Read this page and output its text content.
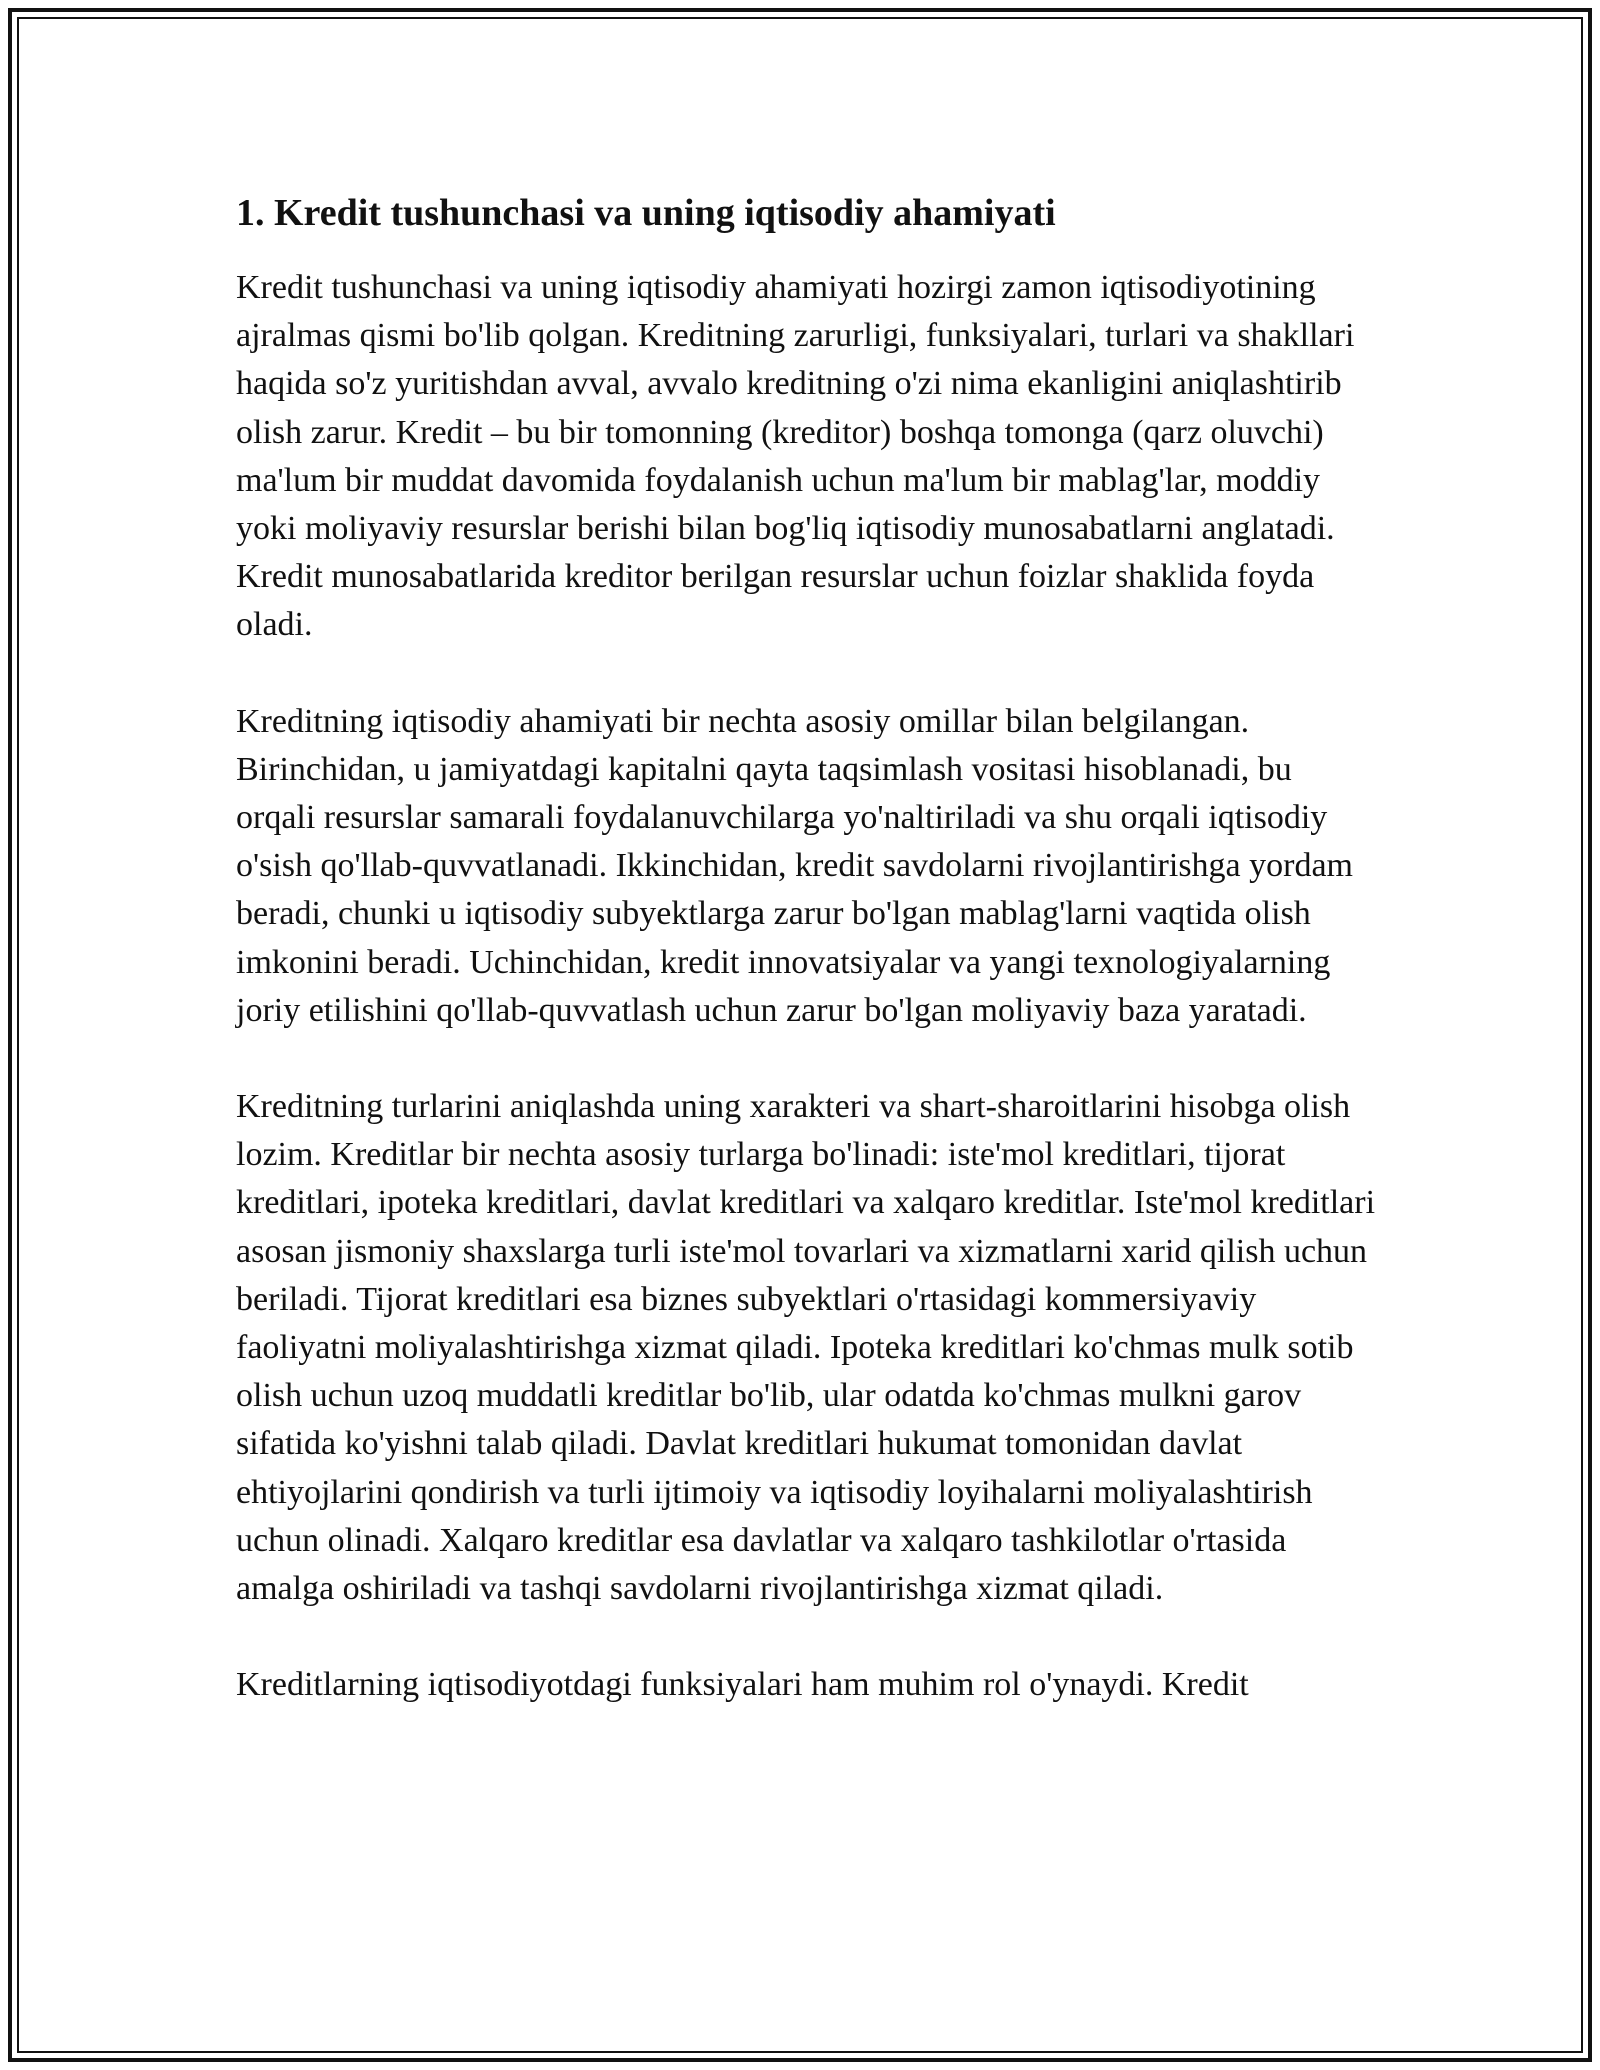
1. Kredit tushunchasi va uning iqtisodiy ahamiyati

Kredit tushunchasi va uning iqtisodiy ahamiyati hozirgi zamon iqtisodiyotining ajralmas qismi bo'lib qolgan. Kreditning zarurligi, funksiyalari, turlari va shakllari haqida so'z yuritishdan avval, avvalo kreditning o'zi nima ekanligini aniqlashtirib olish zarur. Kredit – bu bir tomonning (kreditor) boshqa tomonga (qarz oluvchi) ma'lum bir muddat davomida foydalanish uchun ma'lum bir mablag'lar, moddiy yoki moliyaviy resurslar berishi bilan bog'liq iqtisodiy munosabatlarni anglatadi. Kredit munosabatlarida kreditor berilgan resurslar uchun foizlar shaklida foyda oladi.

Kreditning iqtisodiy ahamiyati bir nechta asosiy omillar bilan belgilangan. Birinchidan, u jamiyatdagi kapitalni qayta taqsimlash vositasi hisoblanadi, bu orqali resurslar samarali foydalanuvchilarga yo'naltiriladi va shu orqali iqtisodiy o'sish qo'llab-quvvatlanadi. Ikkinchidan, kredit savdolarni rivojlantirishga yordam beradi, chunki u iqtisodiy subyektlarga zarur bo'lgan mablag'larni vaqtida olish imkonini beradi. Uchinchidan, kredit innovatsiyalar va yangi texnologiyalarning joriy etilishini qo'llab-quvvatlash uchun zarur bo'lgan moliyaviy baza yaratadi.

Kreditning turlarini aniqlashda uning xarakteri va shart-sharoitlarini hisobga olish lozim. Kreditlar bir nechta asosiy turlarga bo'linadi: iste'mol kreditlari, tijorat kreditlari, ipoteka kreditlari, davlat kreditlari va xalqaro kreditlar. Iste'mol kreditlari asosan jismoniy shaxslarga turli iste'mol tovarlari va xizmatlarni xarid qilish uchun beriladi. Tijorat kreditlari esa biznes subyektlari o'rtasidagi kommersiyaviy faoliyatni moliyalashtirishga xizmat qiladi. Ipoteka kreditlari ko'chmas mulk sotib olish uchun uzoq muddatli kreditlar bo'lib, ular odatda ko'chmas mulkni garov sifatida ko'yishni talab qiladi. Davlat kreditlari hukumat tomonidan davlat ehtiyojlarini qondirish va turli ijtimoiy va iqtisodiy loyihalarni moliyalashtirish uchun olinadi. Xalqaro kreditlar esa davlatlar va xalqaro tashkilotlar o'rtasida amalga oshiriladi va tashqi savdolarni rivojlantirishga xizmat qiladi.

Kreditlarning iqtisodiyotdagi funksiyalari ham muhim rol o'ynaydi. Kredit
